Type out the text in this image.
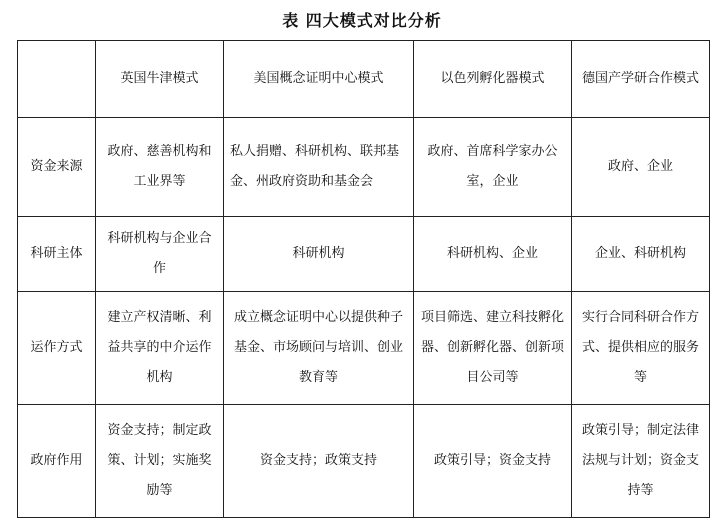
表 四大模式对比分析
	英国牛津模式	美国概念证明中心模式	以色列孵化器模式	德国产学研合作模式
资金来源	政府、慈善机构和工业界等	私人捐赠、科研机构、联邦基金、州政府资助和基金会	政府、首席科学家办公室，企业	政府、企业
科研主体	科研机构与企业合作	科研机构	科研机构、企业	企业、科研机构
运作方式	建立产权清晰、利益共享的中介运作机构	成立概念证明中心以提供种子基金、市场顾问与培训、创业教育等	项目筛选、建立科技孵化器、创新孵化器、创新项目公司等	实行合同科研合作方式、提供相应的服务等
政府作用	资金支持；制定政策、计划；实施奖励等	资金支持；政策支持	政策引导；资金支持	政策引导；制定法律法规与计划；资金支持等
